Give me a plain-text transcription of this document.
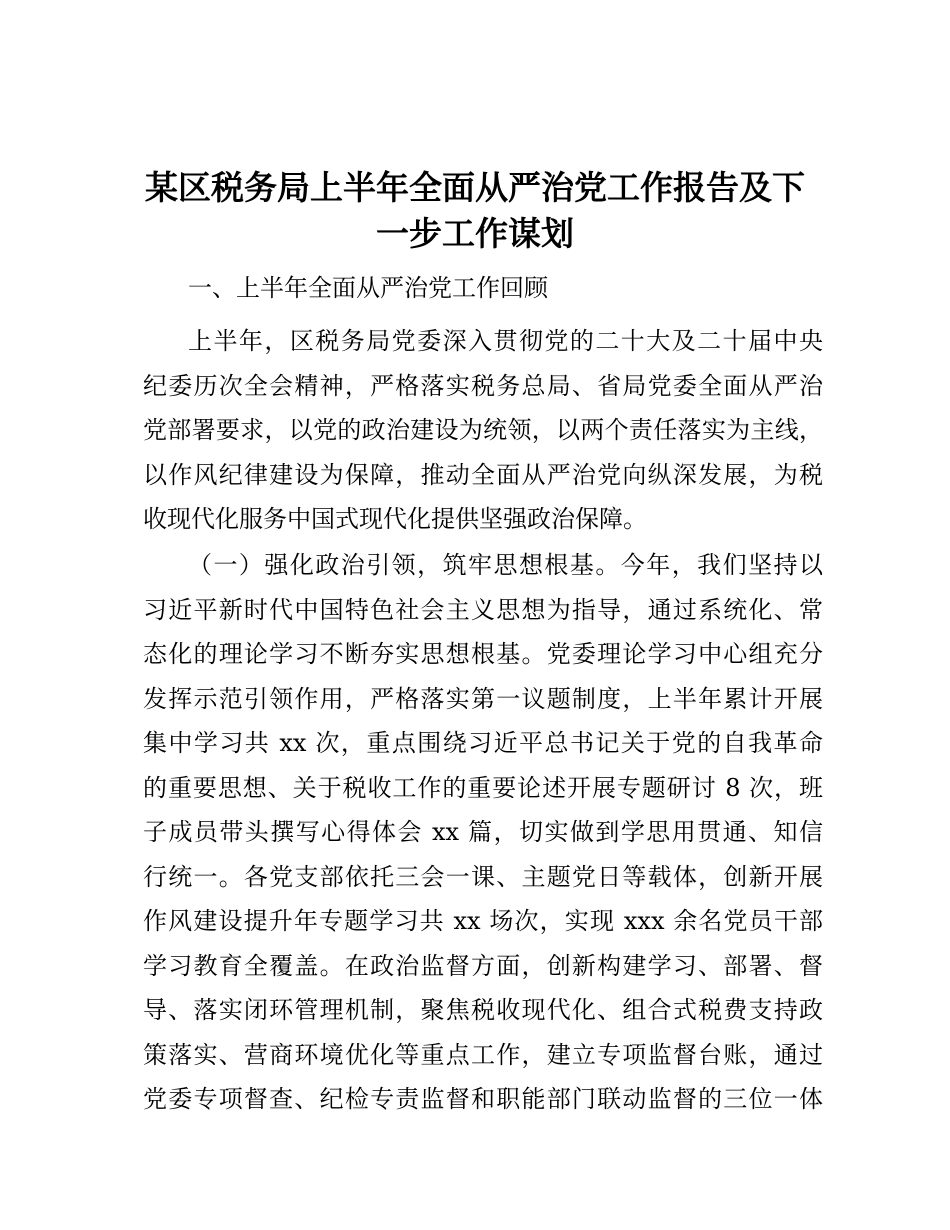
某区税务局上半年全面从严治党工作报告及下
一步工作谋划
一、上半年全面从严治党工作回顾
上半年，区税务局党委深入贯彻党的二十大及二十届中央
纪委历次全会精神，严格落实税务总局、省局党委全面从严治
党部署要求，以党的政治建设为统领，以两个责任落实为主线，
以作风纪律建设为保障，推动全面从严治党向纵深发展，为税
收现代化服务中国式现代化提供坚强政治保障。
（一）强化政治引领，筑牢思想根基。今年，我们坚持以
习近平新时代中国特色社会主义思想为指导，通过系统化、常
态化的理论学习不断夯实思想根基。党委理论学习中心组充分
发挥示范引领作用，严格落实第一议题制度，上半年累计开展
集中学习共 xx 次，重点围绕习近平总书记关于党的自我革命
的重要思想、关于税收工作的重要论述开展专题研讨 8 次，班
子成员带头撰写心得体会 xx 篇，切实做到学思用贯通、知信
行统一。各党支部依托三会一课、主题党日等载体，创新开展
作风建设提升年专题学习共 xx 场次，实现 xxx 余名党员干部
学习教育全覆盖。在政治监督方面，创新构建学习、部署、督
导、落实闭环管理机制，聚焦税收现代化、组合式税费支持政
策落实、营商环境优化等重点工作，建立专项监督台账，通过
党委专项督查、纪检专责监督和职能部门联动监督的三位一体
